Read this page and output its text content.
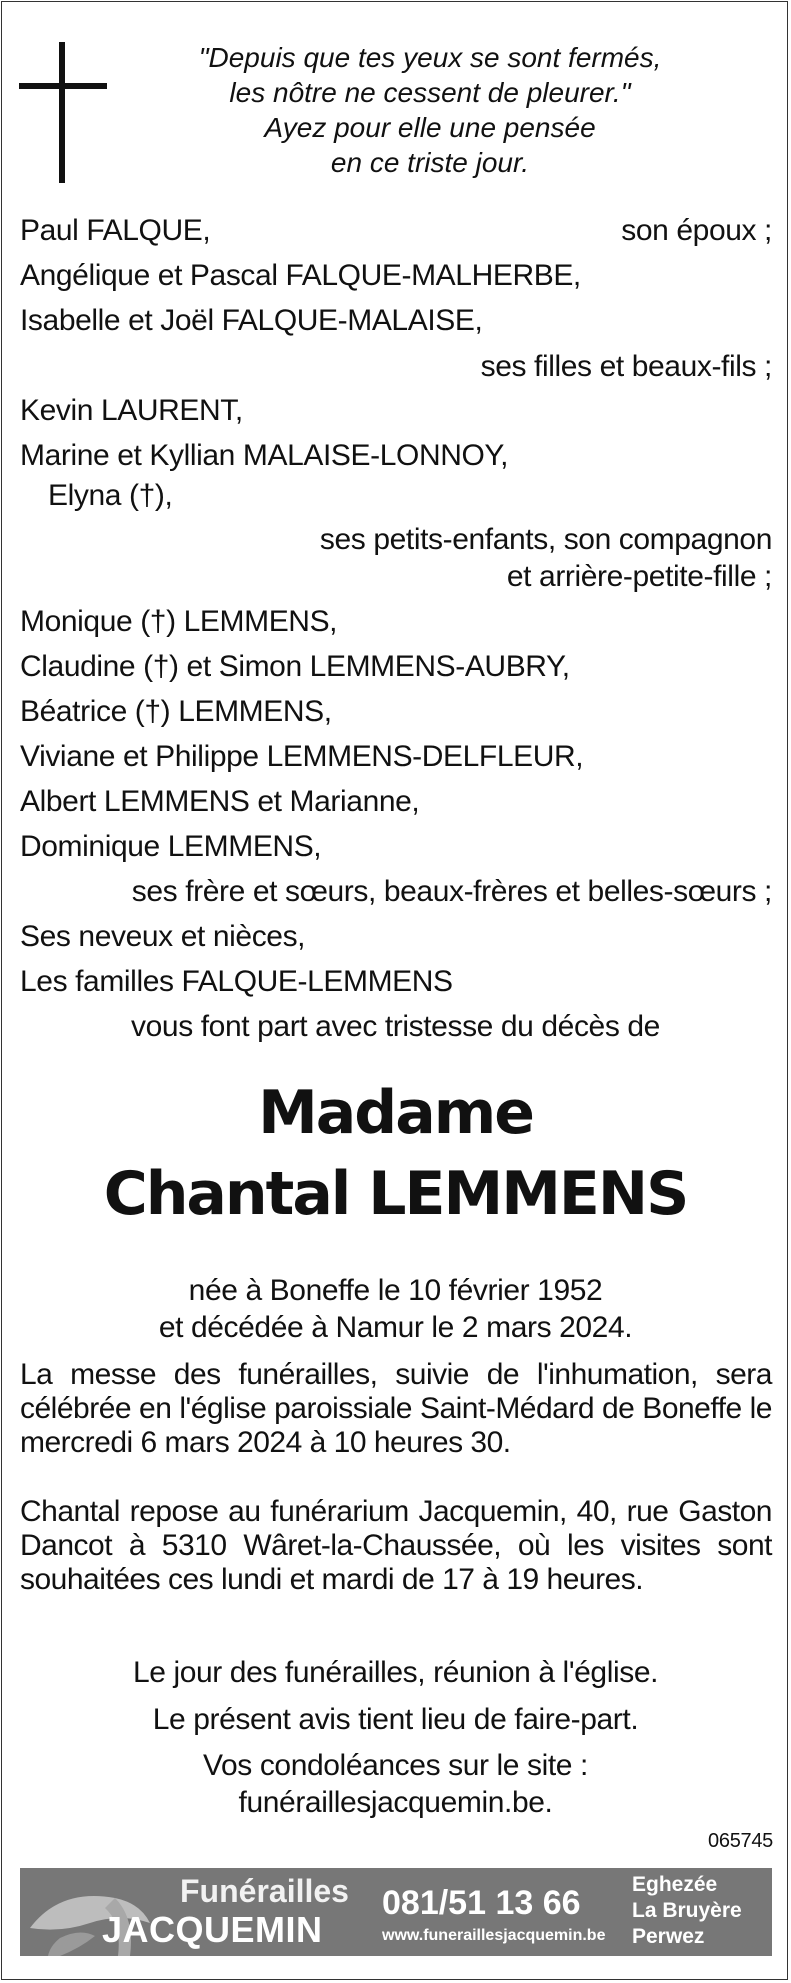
"Depuis que tes yeux se sont fermés,
les nôtre ne cessent de pleurer."
Ayez pour elle une pensée
en ce triste jour.
Paul FALQUE,	son époux ;
Angélique et Pascal FALQUE-MALHERBE,
Isabelle et Joël FALQUE-MALAISE,
ses filles et beaux-fils ;
Kevin LAURENT,
Marine et Kyllian MALAISE-LONNOY,
Elyna (†),
ses petits-enfants, son compagnon
et arrière-petite-fille ;
Monique (†) LEMMENS,
Claudine (†) et Simon LEMMENS-AUBRY,
Béatrice (†) LEMMENS,
Viviane et Philippe LEMMENS-DELFLEUR,
Albert LEMMENS et Marianne,
Dominique LEMMENS,
ses frère et sœurs, beaux-frères et belles-sœurs ;
Ses neveux et nièces,
Les familles FALQUE-LEMMENS
vous font part avec tristesse du décès de
Madame
Chantal LEMMENS
née à Boneffe le 10 février 1952
et décédée à Namur le 2 mars 2024.
La messe des funérailles, suivie de l'inhumation, sera célébrée en l'église paroissiale Saint-Médard de Boneffe le mercredi 6 mars 2024 à 10 heures 30.
Chantal repose au funérarium Jacquemin, 40, rue Gaston Dancot à 5310 Wâret-la-Chaussée, où les visites sont souhaitées ces lundi et mardi de 17 à 19 heures.
Le jour des funérailles, réunion à l'église.
Le présent avis tient lieu de faire-part.
Vos condoléances sur le site :
funéraillesjacquemin.be.
065745
Funérailles
JACQUEMIN
081/51 13 66
www.funeraillesjacquemin.be
Eghezée
La Bruyère
Perwez
